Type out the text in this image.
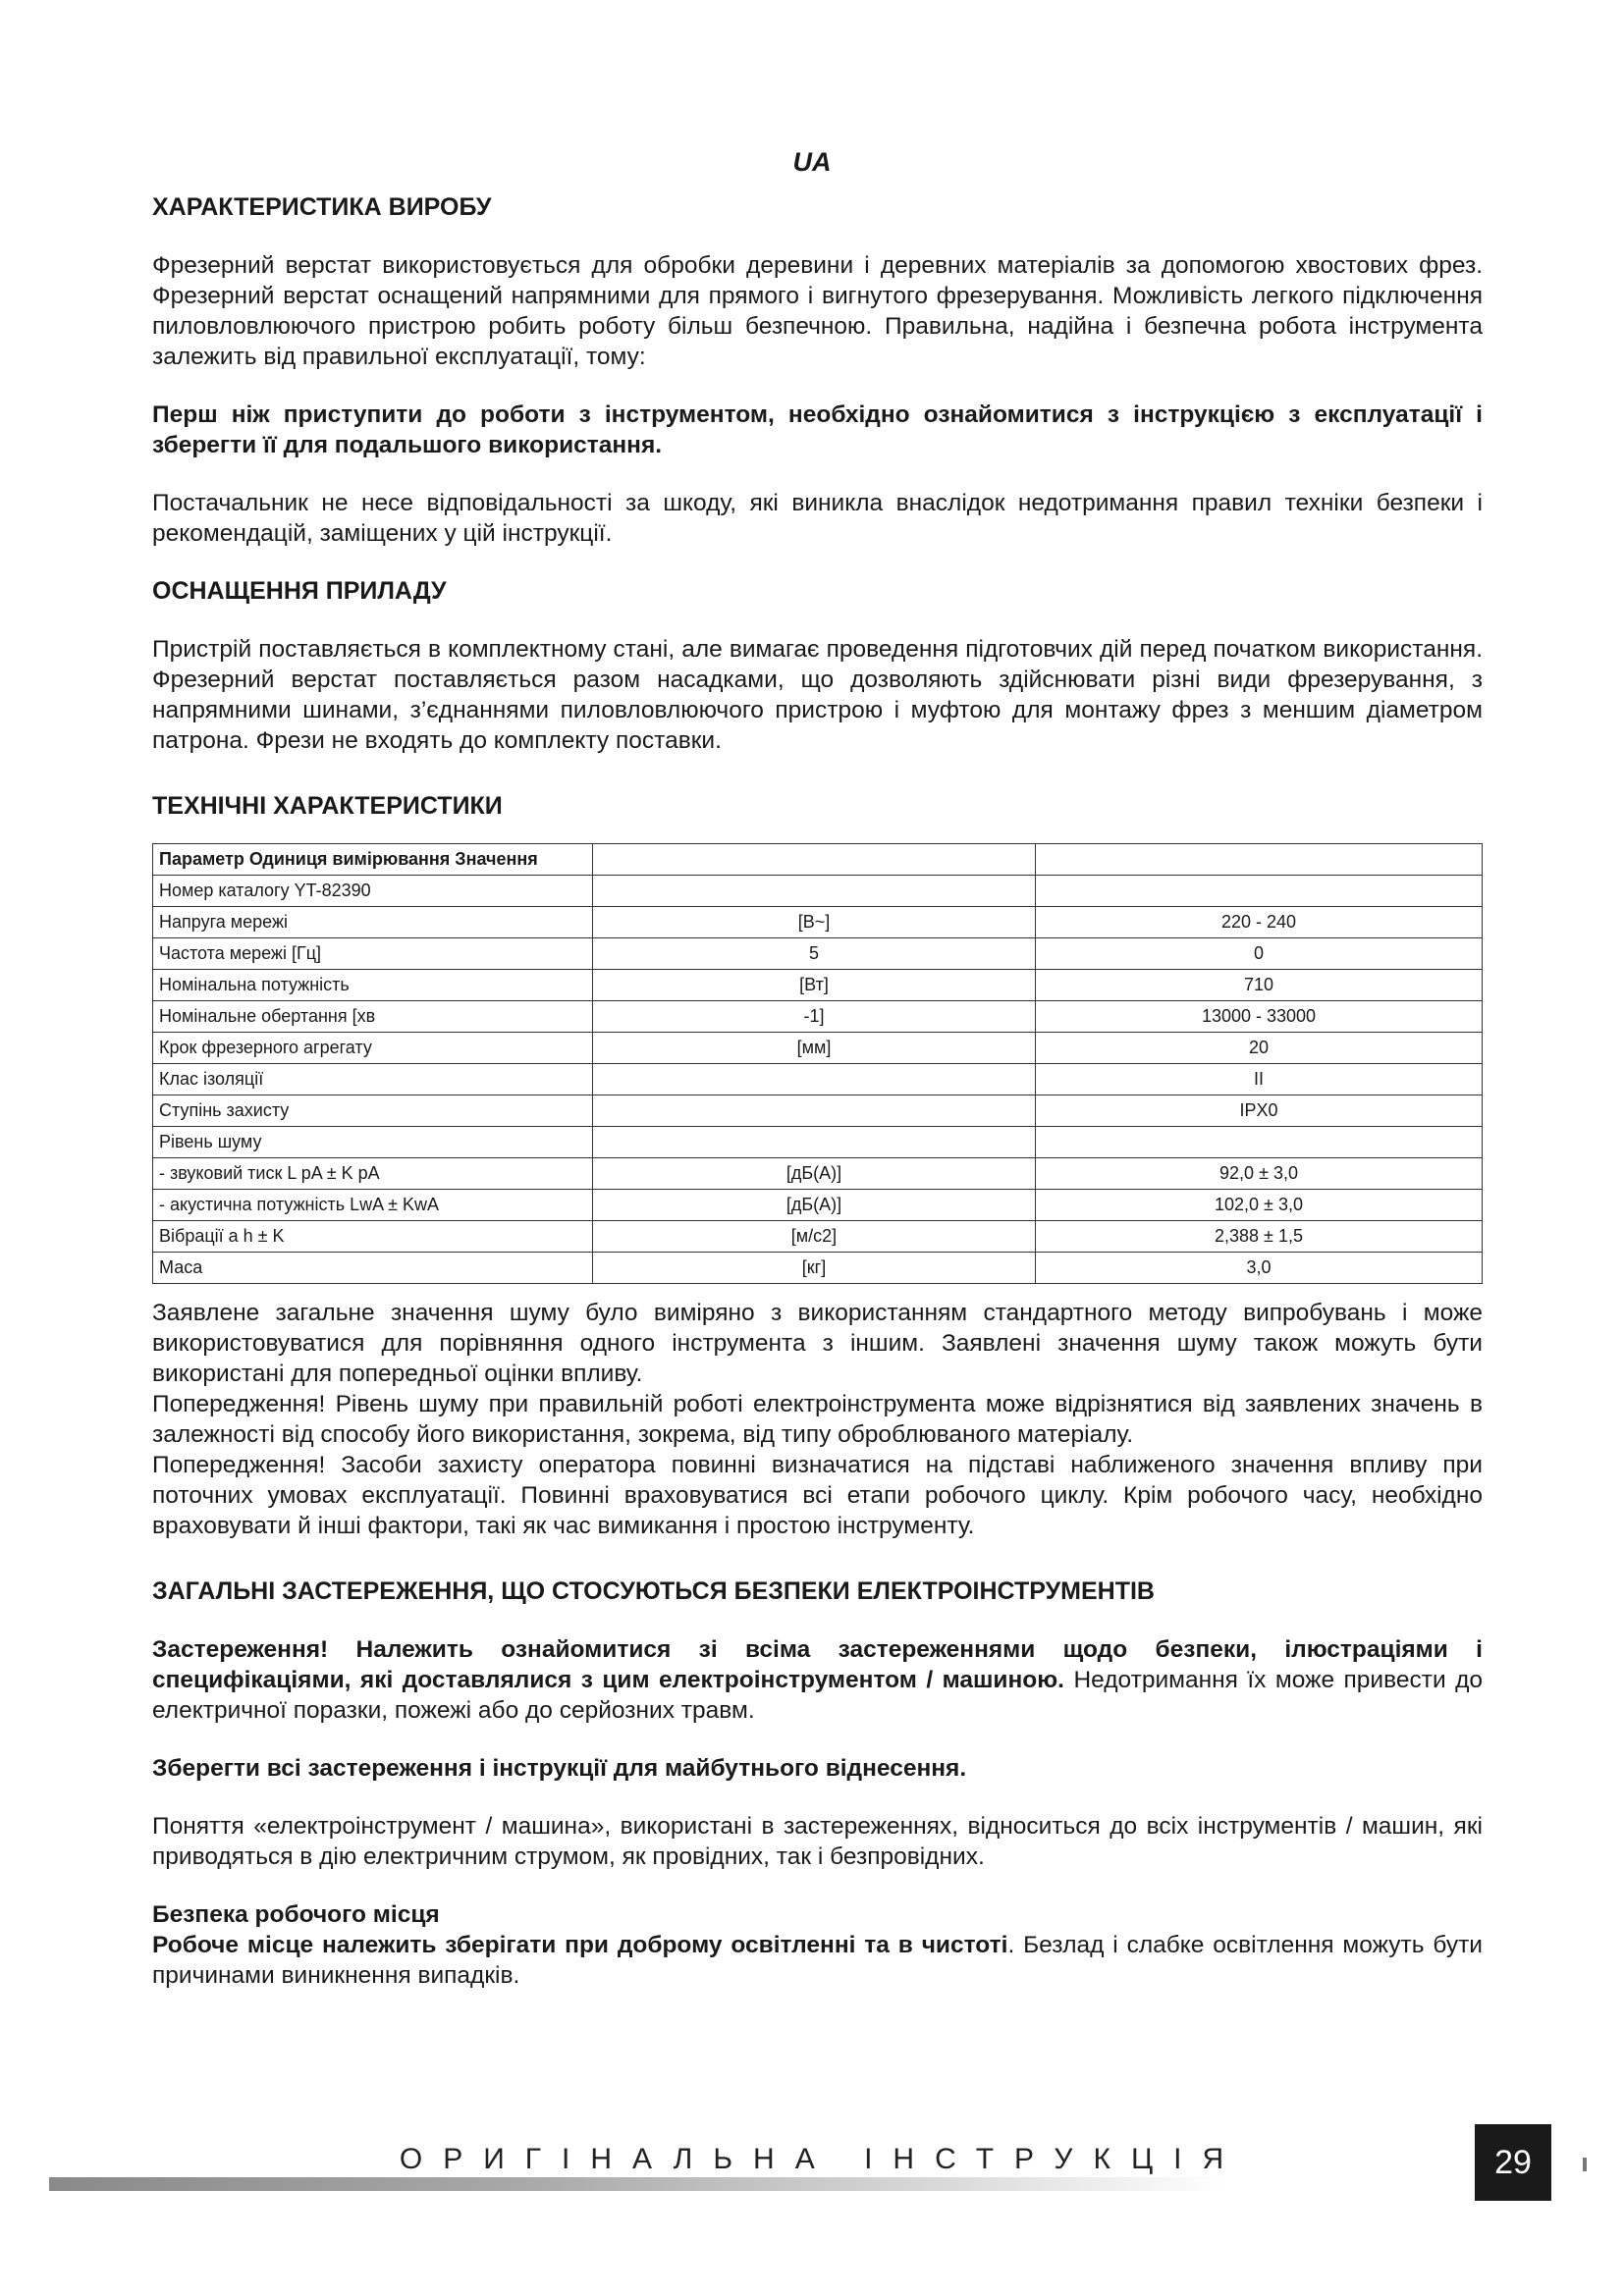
UA
ХАРАКТЕРИСТИКА ВИРОБУ

Фрезерний верстат використовується для обробки деревини і деревних матеріалів за допомогою хвостових фрез. Фрезерний верстат оснащений напрямними для прямого і вигнутого фрезерування. Можливість легкого підключення пиловловлюючого пристрою робить роботу більш безпечною. Правильна, надійна і безпечна робота інструмента залежить від правильної експлуатації, тому:

Перш ніж приступити до роботи з інструментом, необхідно ознайомитися з інструкцією з експлуатації і зберегти її для подальшого використання.

Постачальник не несе відповідальності за шкоду, які виникла внаслідок недотримання правил техніки безпеки і рекомендацій, заміщених у цій інструкції.

ОСНАЩЕННЯ ПРИЛАДУ

Пристрій поставляється в комплектному стані, але вимагає проведення підготовчих дій перед початком використання. Фрезерний верстат поставляється разом насадками, що дозволяють здійснювати різні види фрезерування, з напрямними шинами, з’єднаннями пиловловлюючого пристрою і муфтою для монтажу фрез з меншим діаметром патрона. Фрези не входять до комплекту поставки.

ТЕХНІЧНІ ХАРАКТЕРИСТИКИ
Параметр Одиниця вимірювання Значення		
Номер каталогу YT-82390		
Напруга мережі	[В~]	220 - 240
Частота мережі [Гц]	5	0
Номінальна потужність	[Вт]	710
Номінальне обертання [хв	-1]	13000 - 33000
Крок фрезерного агрегату	[мм]	20
Клас ізоляції		II
Ступінь захисту		IPX0
Рівень шуму		
- звуковий тиск L pA ± K pA	[дБ(А)]	92,0 ± 3,0
- акустична потужність LwA ± KwA	[дБ(А)]	102,0 ± 3,0
Вібрації a h ± K	[м/с2]	2,388 ± 1,5
Маса	[кг]	3,0

Заявлене загальне значення шуму було виміряно з використанням стандартного методу випробувань і може використовуватися для порівняння одного інструмента з іншим. Заявлені значення шуму також можуть бути використані для попередньої оцінки впливу.

Попередження! Рівень шуму при правильній роботі електроінструмента може відрізнятися від заявлених значень в залежності від способу його використання, зокрема, від типу оброблюваного матеріалу.

Попередження! Засоби захисту оператора повинні визначатися на підставі наближеного значення впливу при поточних умовах експлуатації. Повинні враховуватися всі етапи робочого циклу. Крім робочого часу, необхідно враховувати й інші фактори, такі як час вимикання і простою інструменту.

ЗАГАЛЬНІ ЗАСТЕРЕЖЕННЯ, ЩО СТОСУЮТЬСЯ БЕЗПЕКИ ЕЛЕКТРОІНСТРУМЕНТІВ

Застереження! Належить ознайомитися зі всіма застереженнями щодо безпеки, ілюстраціями і специфікаціями, які доставлялися з цим електроінструментом / машиною. Недотримання їх може привести до електричної поразки, пожежі або до серйозних травм.

Зберегти всі застереження і інструкції для майбутнього віднесення.

Поняття «електроінструмент / машина», використані в застереженнях, відноситься до всіх інструментів / машин, які приводяться в дію електричним струмом, як провідних, так і безпровідних.

Безпека робочого місця

Робоче місце належить зберігати при доброму освітленні та в чистоті. Безлад і слабке освітлення можуть бути причинами виникнення випадків.

ОРИГІНАЛЬНА ІНСТРУКЦІЯ	29
